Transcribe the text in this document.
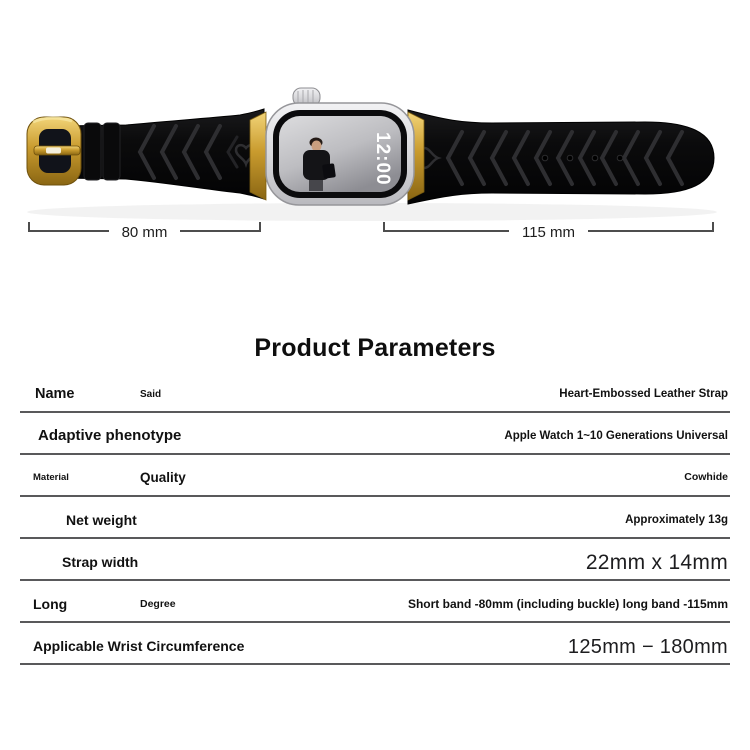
12:00
80 mm	115 mm
Product Parameters
Name	Said	Heart-Embossed Leather Strap
Adaptive phenotype	Apple Watch 1~10 Generations Universal
Material	Quality	Cowhide
Net weight	Approximately 13g
Strap width	22mm x 14mm
Long	Degree	Short band -80mm (including buckle) long band -115mm
Applicable Wrist Circumference	125mm − 180mm
